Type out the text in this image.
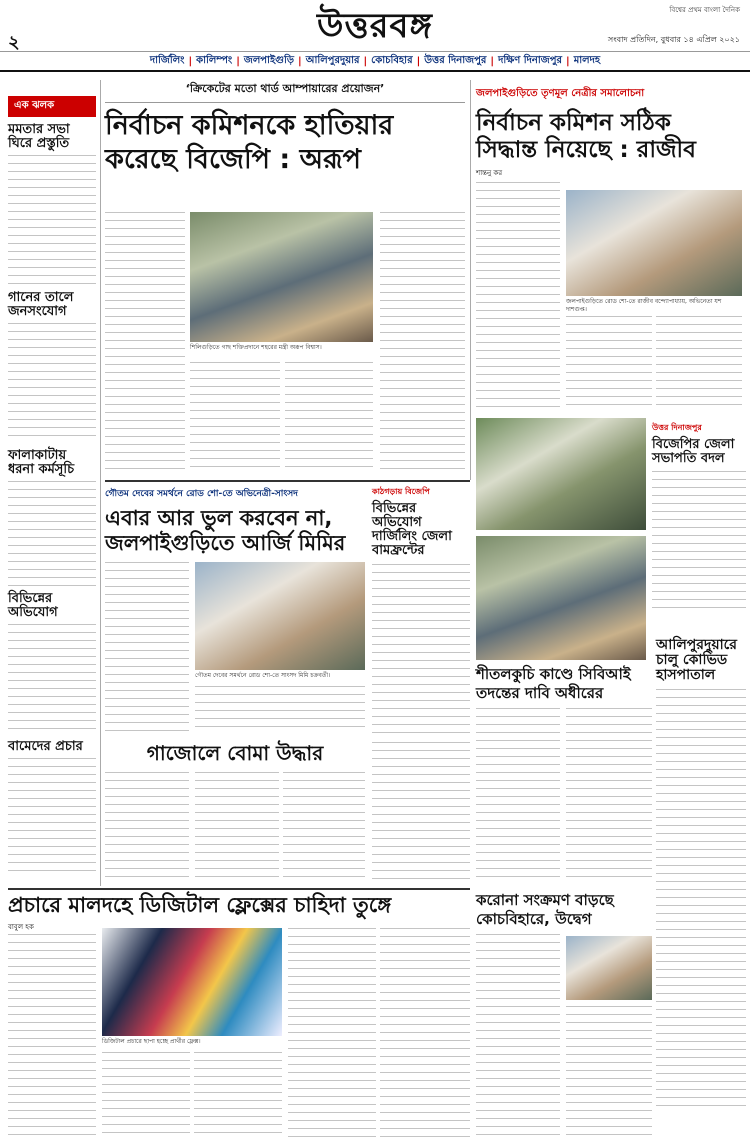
২	উত্তরবঙ্গ	বিশ্বের প্রথম বাংলা দৈনিক
সংবাদ প্রতিদিন, বুধবার ১৪ এপ্রিল ২০২১
দার্জিলিং | কালিম্পং | জলপাইগুড়ি | আলিপুরদুয়ার | কোচবিহার | উত্তর দিনাজপুর | দক্ষিণ দিনাজপুর | মালদহ
এক ঝলক
মমতার সভা ঘিরে প্রস্তুতি
গানের তালে জনসংযোগ
ফালাকাটায় ধরনা কর্মসূচি
বিভিন্নের অভিযোগ
বামেদের প্রচার
‘ক্রিকেটের মতো থার্ড আম্পায়ারের প্রয়োজন’
নির্বাচন কমিশনকে হাতিয়ার
করেছে বিজেপি : অরূপ
শিলিগুড়িতে গাছ শক্তিপ্রদানে শহরের মন্ত্রী অরূপ বিশ্বাস।
জলপাইগুড়িতে তৃণমূল নেত্রীর সমালোচনা
নির্বাচন কমিশন সঠিক
সিদ্ধান্ত নিয়েছে : রাজীব
শান্তনু কর
জলপাইগুড়িতে রোড শো-তে রাজীব বন্দ্যোপাধ্যায়, অভিনেতা যশ দাশগুপ্ত।
উত্তর দিনাজপুর
বিজেপির জেলা সভাপতি বদল
গৌতম দেবের সমর্থনে রোড শো-তে অভিনেত্রী-সাংসদ
এবার আর ভুল করবেন না,
জলপাইগুড়িতে আর্জি মিমির
গৌতম দেবের সমর্থনে রোড শো-তে সাংসদ মিমি চক্রবর্তী।
কাঠগড়ায় বিজেপি
বিভিন্নের অভিযোগ দার্জিলিং জেলা বামফ্রন্টের
গাজোলে বোমা উদ্ধার
শীতলকুচি কাণ্ডে সিবিআই
তদন্তের দাবি অধীরের
আলিপুরদুয়ারে চালু কোভিড হাসপাতাল
প্রচারে মালদহে ডিজিটাল ফ্লেক্সের চাহিদা তুঙ্গে
বাবুল হক
ডিজিটাল প্রচারে ছাপা হচ্ছে প্রার্থীর ফ্লেক্স।
করোনা সংক্রমণ বাড়ছে
কোচবিহারে, উদ্বেগ
